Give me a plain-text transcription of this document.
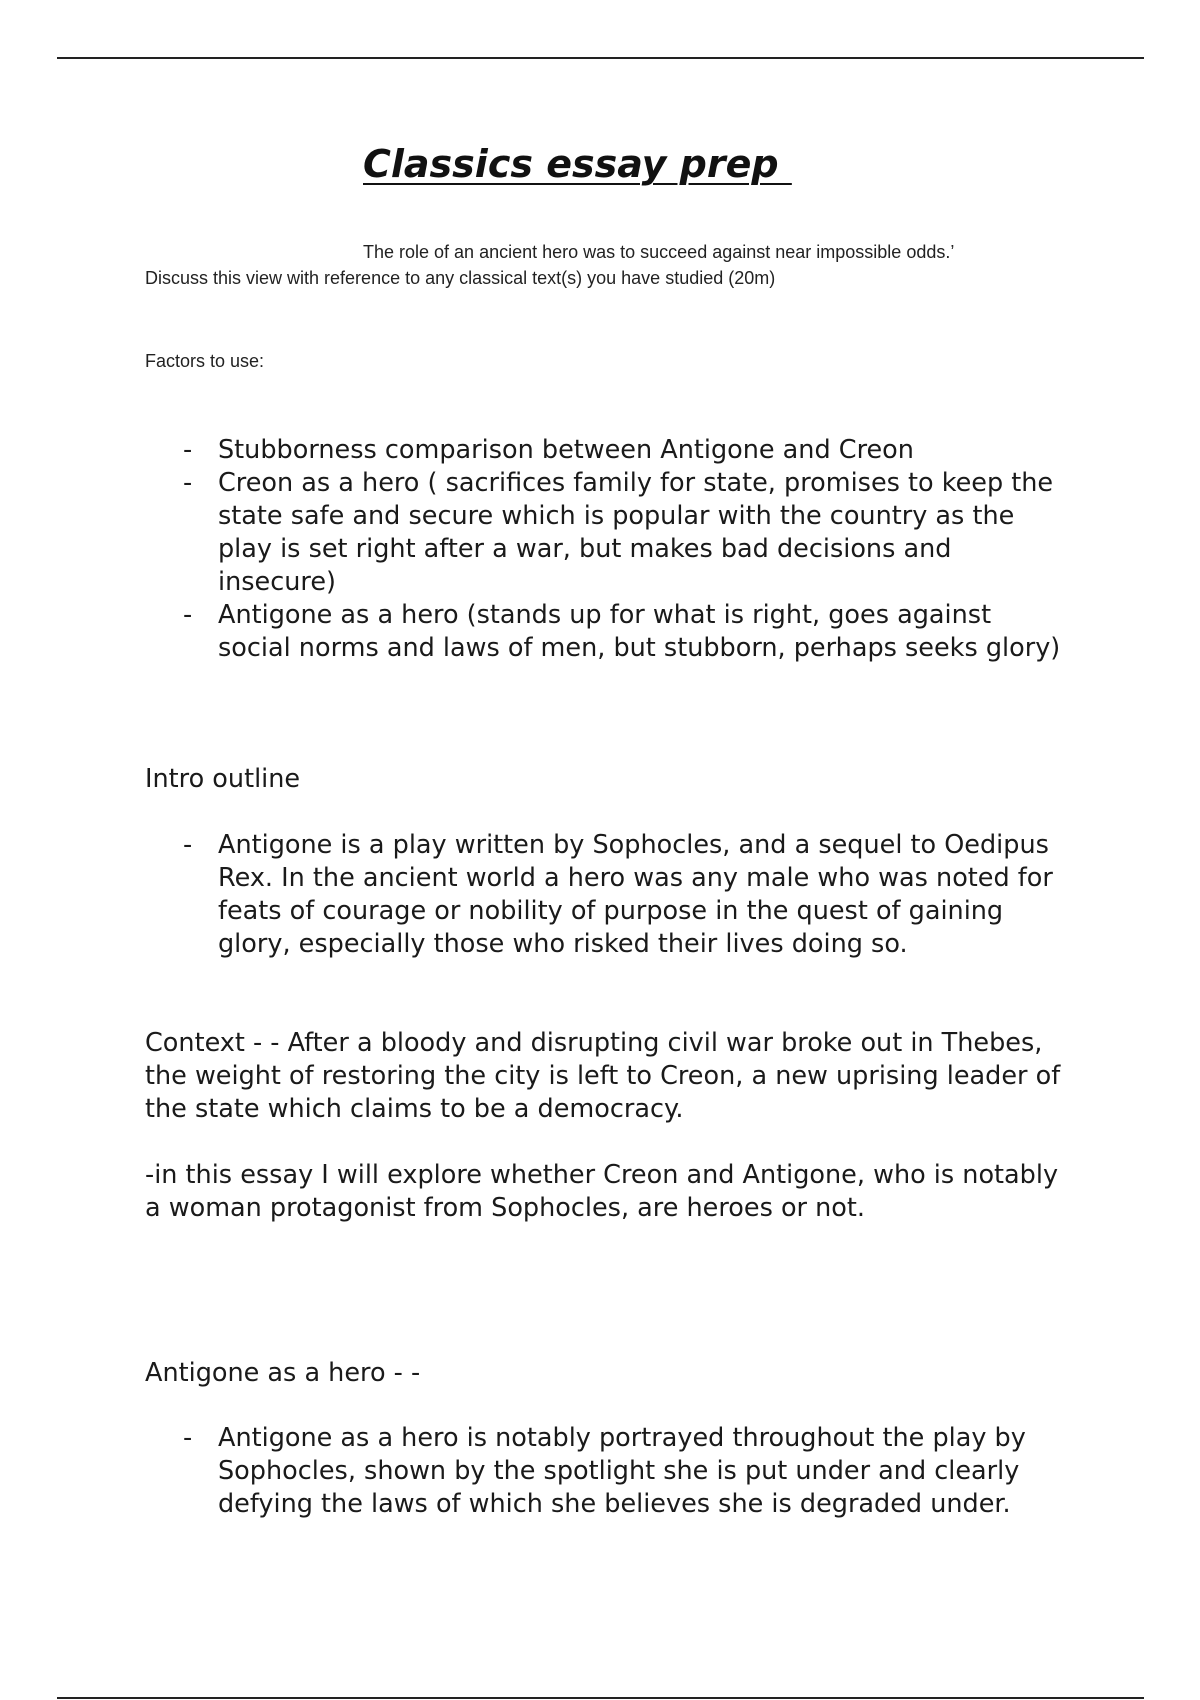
Classics essay prep

The role of an ancient hero was to succeed against near impossible odds.’

Discuss this view with reference to any classical text(s) you have studied (20m)

Factors to use:

- Stubborness comparison between Antigone and Creon
- Creon as a hero ( sacrifices family for state, promises to keep the state safe and secure which is popular with the country as the play is set right after a war, but makes bad decisions and insecure)
- Antigone as a hero (stands up for what is right, goes against social norms and laws of men, but stubborn, perhaps seeks glory)

Intro outline

- Antigone is a play written by Sophocles, and a sequel to Oedipus Rex. In the ancient world a hero was any male who was noted for feats of courage or nobility of purpose in the quest of gaining glory, especially those who risked their lives doing so.

Context - - After a bloody and disrupting civil war broke out in Thebes, the weight of restoring the city is left to Creon, a new uprising leader of the state which claims to be a democracy.

-in this essay I will explore whether Creon and Antigone, who is notably a woman protagonist from Sophocles, are heroes or not.

Antigone as a hero - -

- Antigone as a hero is notably portrayed throughout the play by Sophocles, shown by the spotlight she is put under and clearly defying the laws of which she believes she is degraded under.
